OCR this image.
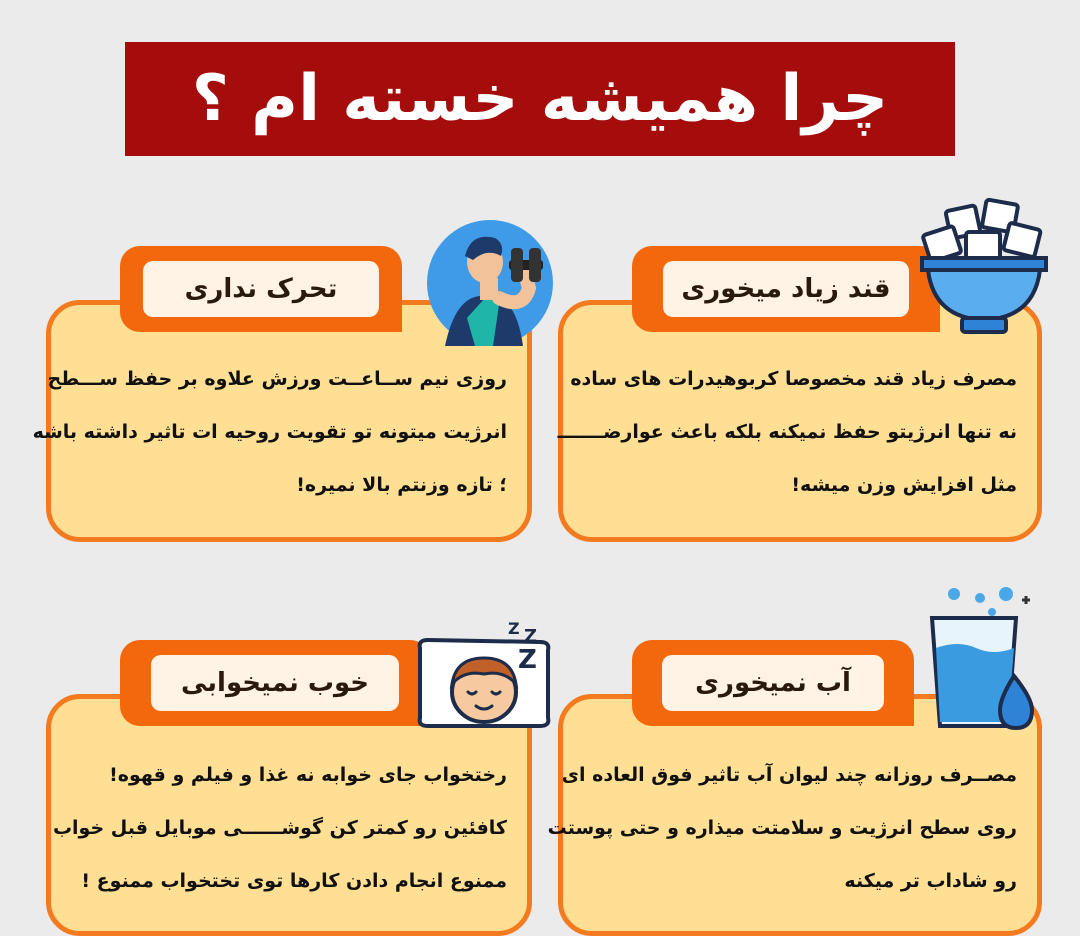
چرا همیشه خسته ام ؟
روزی نیم ســاعــت ورزش علاوه بر حفظ ســـطح
انرژیت میتونه تو تقویت روحیه ات تاثیر داشته باشه
؛ تازه وزنتم بالا نمیره!
تحرک نداری
مصرف زیاد قند مخصوصا کربوهیدرات های ساده
نه تنها انرژیتو حفظ نمیکنه بلکه باعث عوارضـــــــ
مثل افزایش وزن میشه!
قند زیاد میخوری
رختخواب جای خوابه نه غذا و فیلم و قهوه!
کافئین رو کمتر کن گوشــــــی موبایل قبل خواب
ممنوع انجام دادن کارها توی تختخواب ممنوع !
خوب نمیخوابی
Z
Z Z
مصــرف روزانه چند لیوان آب تاثیر فوق العاده ای
روی سطح انرژیت و سلامتت میذاره و حتی پوستت
رو شاداب تر میکنه
آب نمیخوری
